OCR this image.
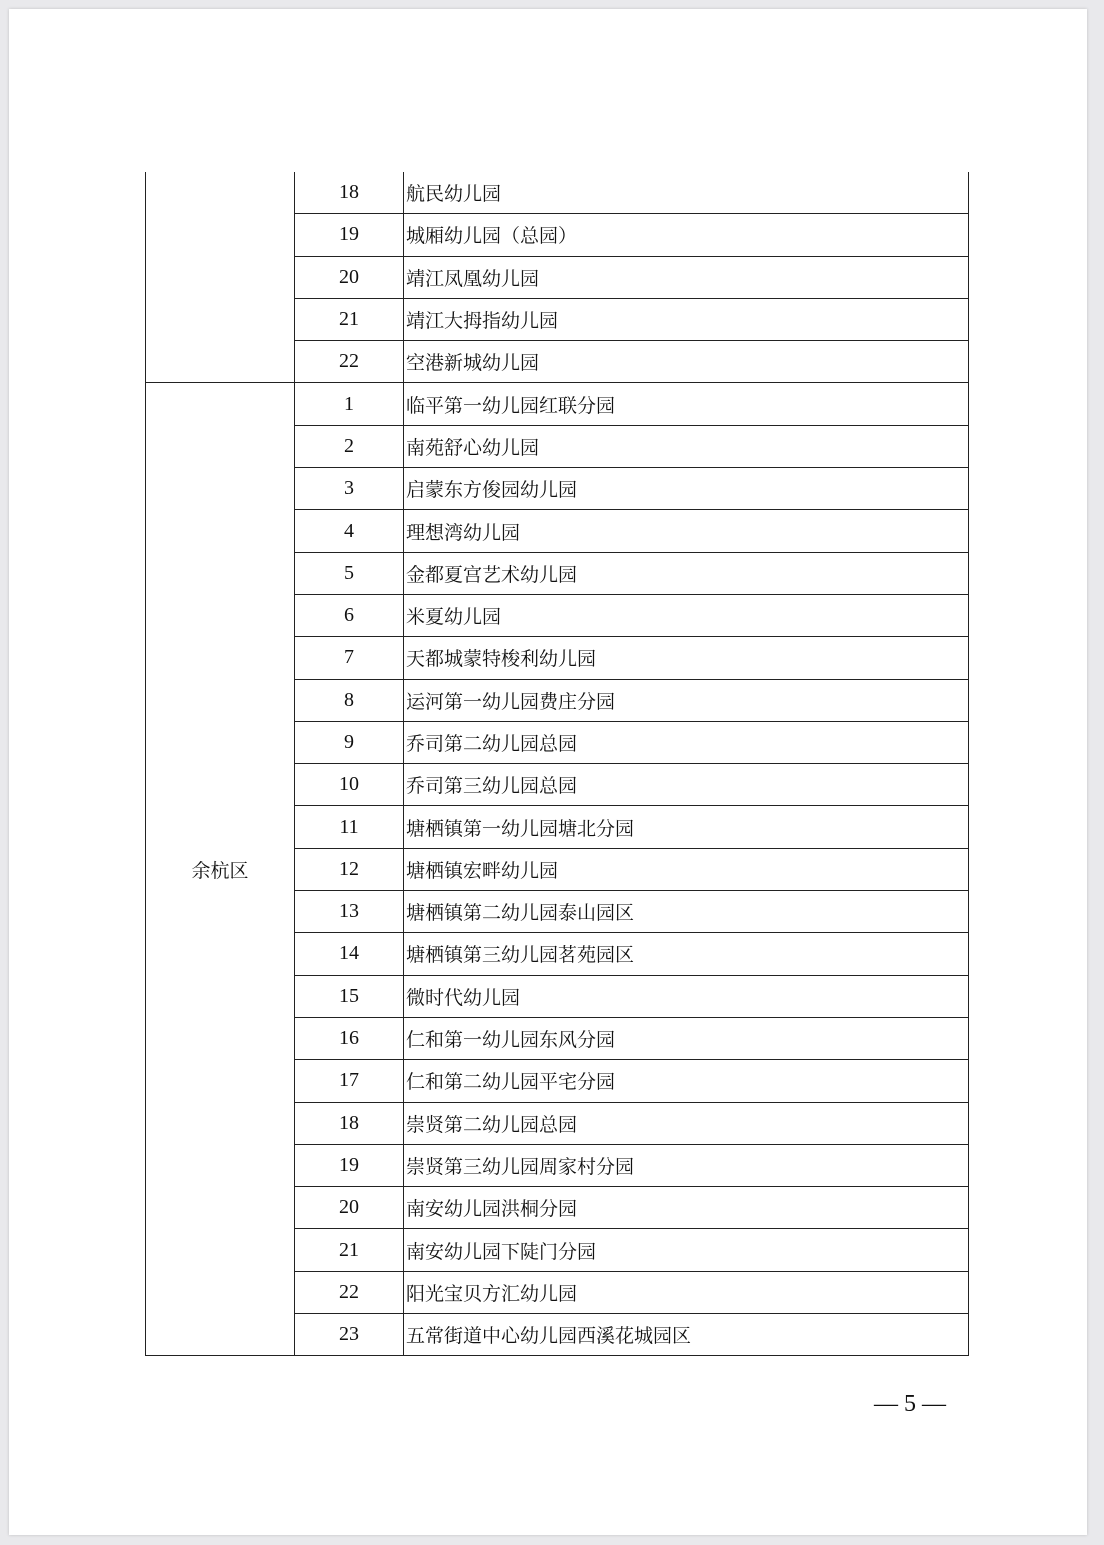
	18	航民幼儿园
	19	城厢幼儿园（总园）
	20	靖江凤凰幼儿园
	21	靖江大拇指幼儿园
	22	空港新城幼儿园
余杭区	1	临平第一幼儿园红联分园
	2	南苑舒心幼儿园
	3	启蒙东方俊园幼儿园
	4	理想湾幼儿园
	5	金都夏宫艺术幼儿园
	6	米夏幼儿园
	7	天都城蒙特梭利幼儿园
	8	运河第一幼儿园费庄分园
	9	乔司第二幼儿园总园
	10	乔司第三幼儿园总园
	11	塘栖镇第一幼儿园塘北分园
	12	塘栖镇宏畔幼儿园
	13	塘栖镇第二幼儿园泰山园区
	14	塘栖镇第三幼儿园茗苑园区
	15	微时代幼儿园
	16	仁和第一幼儿园东风分园
	17	仁和第二幼儿园平宅分园
	18	崇贤第二幼儿园总园
	19	崇贤第三幼儿园周家村分园
	20	南安幼儿园洪桐分园
	21	南安幼儿园下陡门分园
	22	阳光宝贝方汇幼儿园
	23	五常街道中心幼儿园西溪花城园区
— 5 —
